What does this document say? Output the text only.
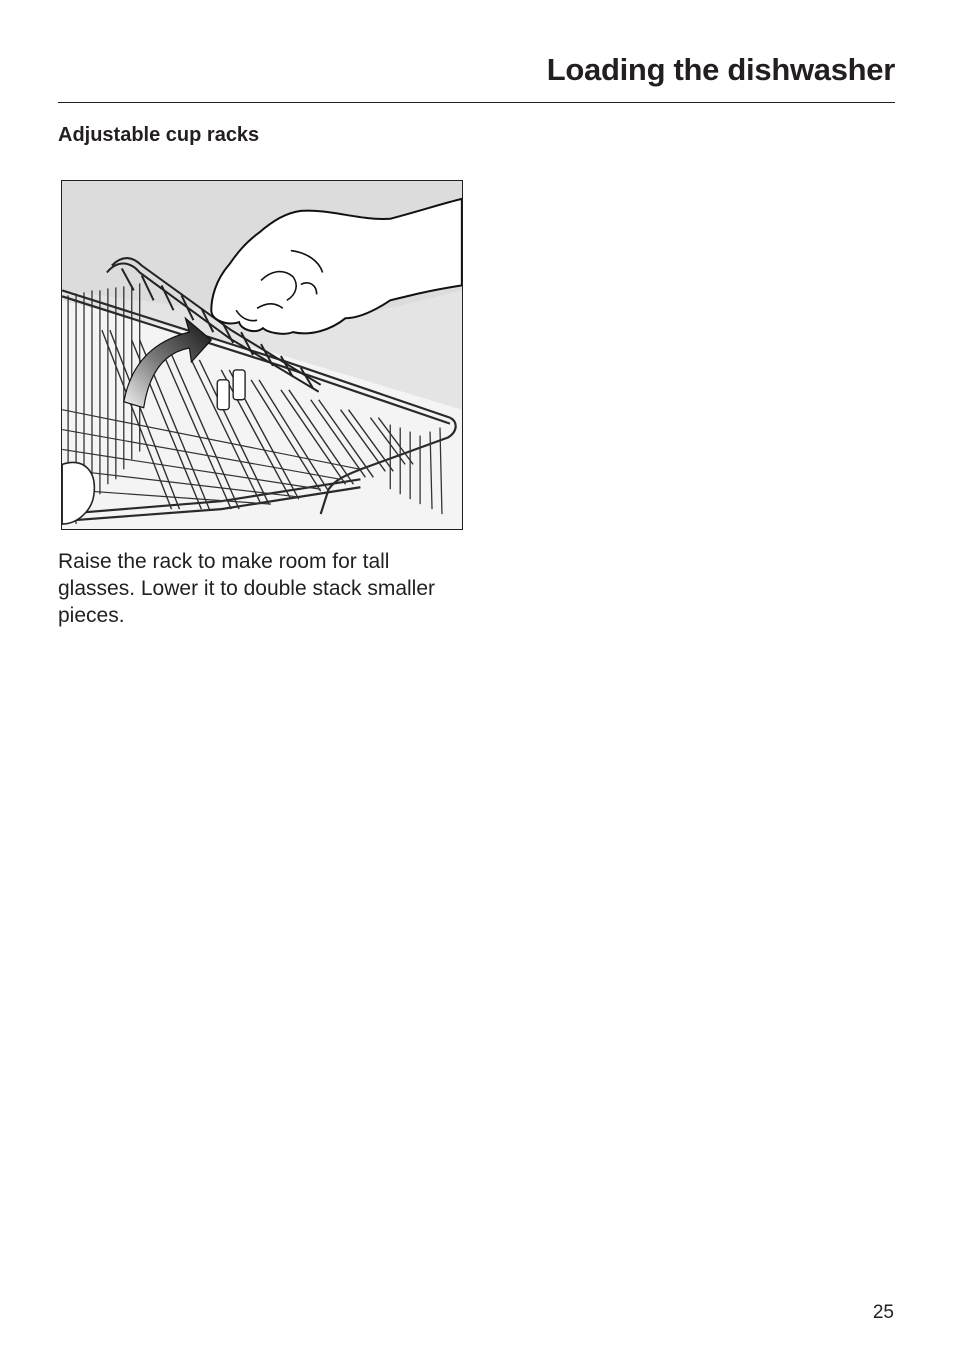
Loading the dishwasher
Adjustable cup racks

Raise the rack to make room for tall glasses. Lower it to double stack smaller pieces.

25
